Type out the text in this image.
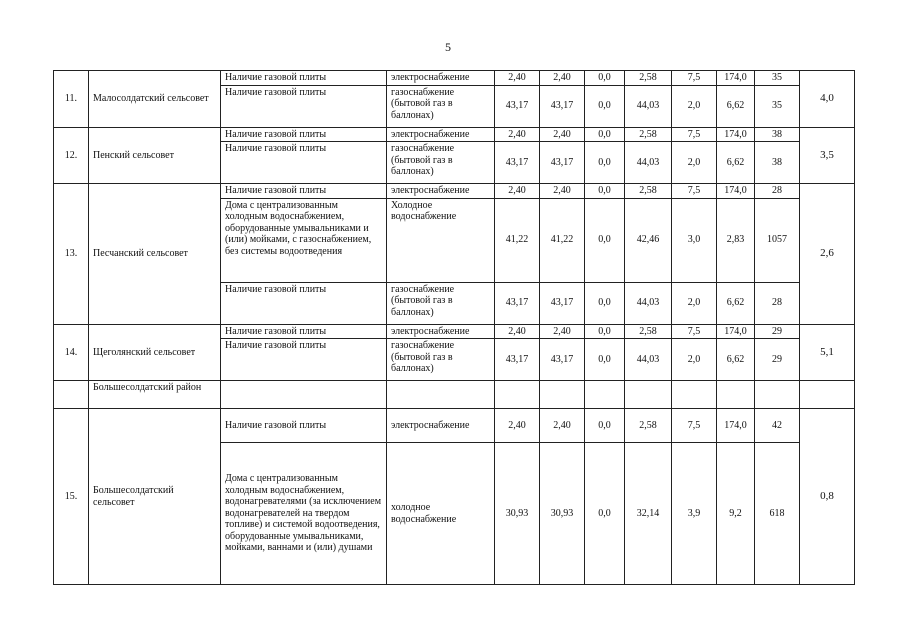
5
11.	Малосолдатский сельсовет	Наличие газовой плиты	электроснабжение	2,40	2,40	0,0	2,58	7,5	174,0	35	4,0
		Наличие газовой плиты	газоснабжение (бытовой газ в баллонах)	43,17	43,17	0,0	44,03	2,0	6,62	35	
12.	Пенский сельсовет	Наличие газовой плиты	электроснабжение	2,40	2,40	0,0	2,58	7,5	174,0	38	3,5
		Наличие газовой плиты	газоснабжение (бытовой газ в баллонах)	43,17	43,17	0,0	44,03	2,0	6,62	38	
13.	Песчанский сельсовет	Наличие газовой плиты	электроснабжение	2,40	2,40	0,0	2,58	7,5	174,0	28	2,6
		Дома с централизованным холодным водоснабжением, оборудованные умывальниками и (или) мойками, с газоснабжением, без системы водоотведения	Холодное водоснабжение	41,22	41,22	0,0	42,46	3,0	2,83	1057	
		Наличие газовой плиты	газоснабжение (бытовой газ в баллонах)	43,17	43,17	0,0	44,03	2,0	6,62	28	
14.	Щеголянский сельсовет	Наличие газовой плиты	электроснабжение	2,40	2,40	0,0	2,58	7,5	174,0	29	5,1
		Наличие газовой плиты	газоснабжение (бытовой газ в баллонах)	43,17	43,17	0,0	44,03	2,0	6,62	29	
	Большесолдатский район										
15.	Большесолдатский сельсовет	Наличие газовой плиты	электроснабжение	2,40	2,40	0,0	2,58	7,5	174,0	42	0,8
		Дома с централизованным холодным водоснабжением, водонагревателями (за исключением водонагревателей на твердом топливе) и системой водоотведения, оборудованные умывальниками, мойками, ваннами и (или) душами	холодное водоснабжение	30,93	30,93	0,0	32,14	3,9	9,2	618	
